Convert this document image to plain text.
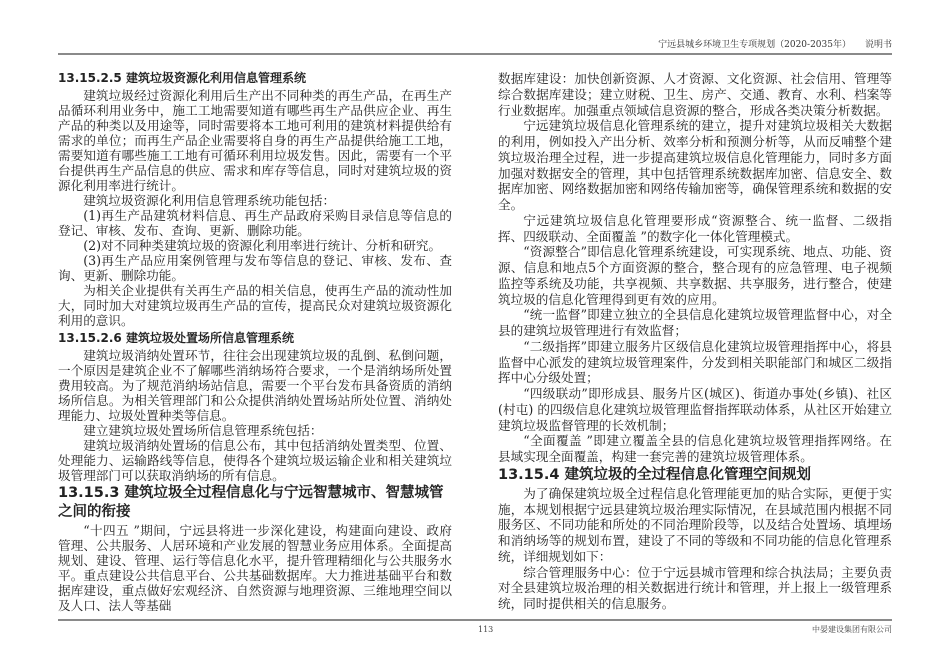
宁远县城乡环境卫生专项规划（2020-2035年） 说明书
13.15.2.5 建筑垃圾资源化利用信息管理系统

建筑垃圾经过资源化利用后生产出不同种类的再生产品，在再生产品循环利用业务中，施工工地需要知道有哪些再生产品供应企业、再生产品的种类以及用途等，同时需要将本工地可利用的建筑材料提供给有需求的单位；而再生产品企业需要将自身的再生产品提供给施工工地，需要知道有哪些施工工地有可循环利用垃圾发售。因此，需要有一个平台提供再生产品信息的供应、需求和库存等信息，同时对建筑垃圾的资源化利用率进行统计。

建筑垃圾资源化利用信息管理系统功能包括：

(1)再生产品建筑材料信息、再生产品政府采购目录信息等信息的登记、审核、发布、查询、更新、删除功能。

(2)对不同种类建筑垃圾的资源化利用率进行统计、分析和研究。

(3)再生产品应用案例管理与发布等信息的登记、审核、发布、查询、更新、删除功能。

为相关企业提供有关再生产品的相关信息，使再生产品的流动性加大，同时加大对建筑垃圾再生产品的宣传，提高民众对建筑垃圾资源化利用的意识。

13.15.2.6 建筑垃圾处置场所信息管理系统

建筑垃圾消纳处置环节，往往会出现建筑垃圾的乱倒、私倒问题，一个原因是建筑企业不了解哪些消纳场符合要求，一个是消纳场所处置费用较高。为了规范消纳场站信息，需要一个平台发布具备资质的消纳场所信息。为相关管理部门和公众提供消纳处置场站所处位置、消纳处理能力、垃圾处置种类等信息。

建立建筑垃圾处置场所信息管理系统包括：

建筑垃圾消纳处置场的信息公布，其中包括消纳处置类型、位置、处理能力、运输路线等信息，使得各个建筑垃圾运输企业和相关建筑垃圾管理部门可以获取消纳场的所有信息。

13.15.3 建筑垃圾全过程信息化与宁远智慧城市、智慧城管之间的衔接

“十四五 ”期间，宁远县将进一步深化建设，构建面向建设、政府管理、公共服务、人居环境和产业发展的智慧业务应用体系。全面提高规划、建设、管理、运行等信息化水平，提升管理精细化与公共服务水平。重点建设公共信息平台、公共基础数据库。大力推进基础平台和数据库建设，重点做好宏观经济、自然资源与地理资源、三维地理空间以及人口、法人等基础

数据库建设：加快创新资源、人才资源、文化资源、社会信用、管理等综合数据库建设；建立财税、卫生、房产、交通、教育、水利、档案等行业数据库。加强重点领域信息资源的整合，形成各类决策分析数据。

宁远建筑垃圾信息化管理系统的建立，提升对建筑垃圾相关大数据的利用，例如投入产出分析、效率分析和预测分析等，从而反哺整个建筑垃圾治理全过程，进一步提高建筑垃圾信息化管理能力，同时多方面加强对数据安全的管理，其中包括管理系统数据库加密、信息安全、数据库加密、网络数据加密和网络传输加密等，确保管理系统和数据的安全。

宁远建筑垃圾信息化管理要形成“资源整合、统一监督、二级指挥、四级联动、全面覆盖 ”的数字化一体化管理模式。

“资源整合”即信息化管理系统建设，可实现系统、地点、功能、资源、信息和地点5个方面资源的整合，整合现有的应急管理、电子视频监控等系统及功能，共享视频、共享数据、共享服务，进行整合，使建筑垃圾的信息化管理得到更有效的应用。

“统一监督”即建立独立的全县信息化建筑垃圾管理监督中心，对全县的建筑垃圾管理进行有效监督；

“二级指挥”即建立服务片区级信息化建筑垃圾管理指挥中心，将县监督中心派发的建筑垃圾管理案件，分发到相关职能部门和城区二级指挥中心分级处置；

“四级联动”即形成县、服务片区(城区)、街道办事处(乡镇)、社区(村屯) 的四级信息化建筑垃圾管理监督指挥联动体系，从社区开始建立建筑垃圾监督管理的长效机制；

“全面覆盖 ”即建立覆盖全县的信息化建筑垃圾管理指挥网络。在县域实现全面覆盖，构建一套完善的建筑垃圾管理体系。

13.15.4 建筑垃圾的全过程信息化管理空间规划

为了确保建筑垃圾全过程信息化管理能更加的贴合实际，更便于实施，本规划根据宁远县建筑垃圾治理实际情况，在县域范围内根据不同服务区、不同功能和所处的不同治理阶段等，以及结合处置场、填埋场和消纳场等的规划布置，建设了不同的等级和不同功能的信息化管理系统，详细规划如下：

综合管理服务中心：位于宁远县城市管理和综合执法局；主要负责对全县建筑垃圾治理的相关数据进行统计和管理，并上报上一级管理系统，同时提供相关的信息服务。

113	中晏建设集团有限公司
